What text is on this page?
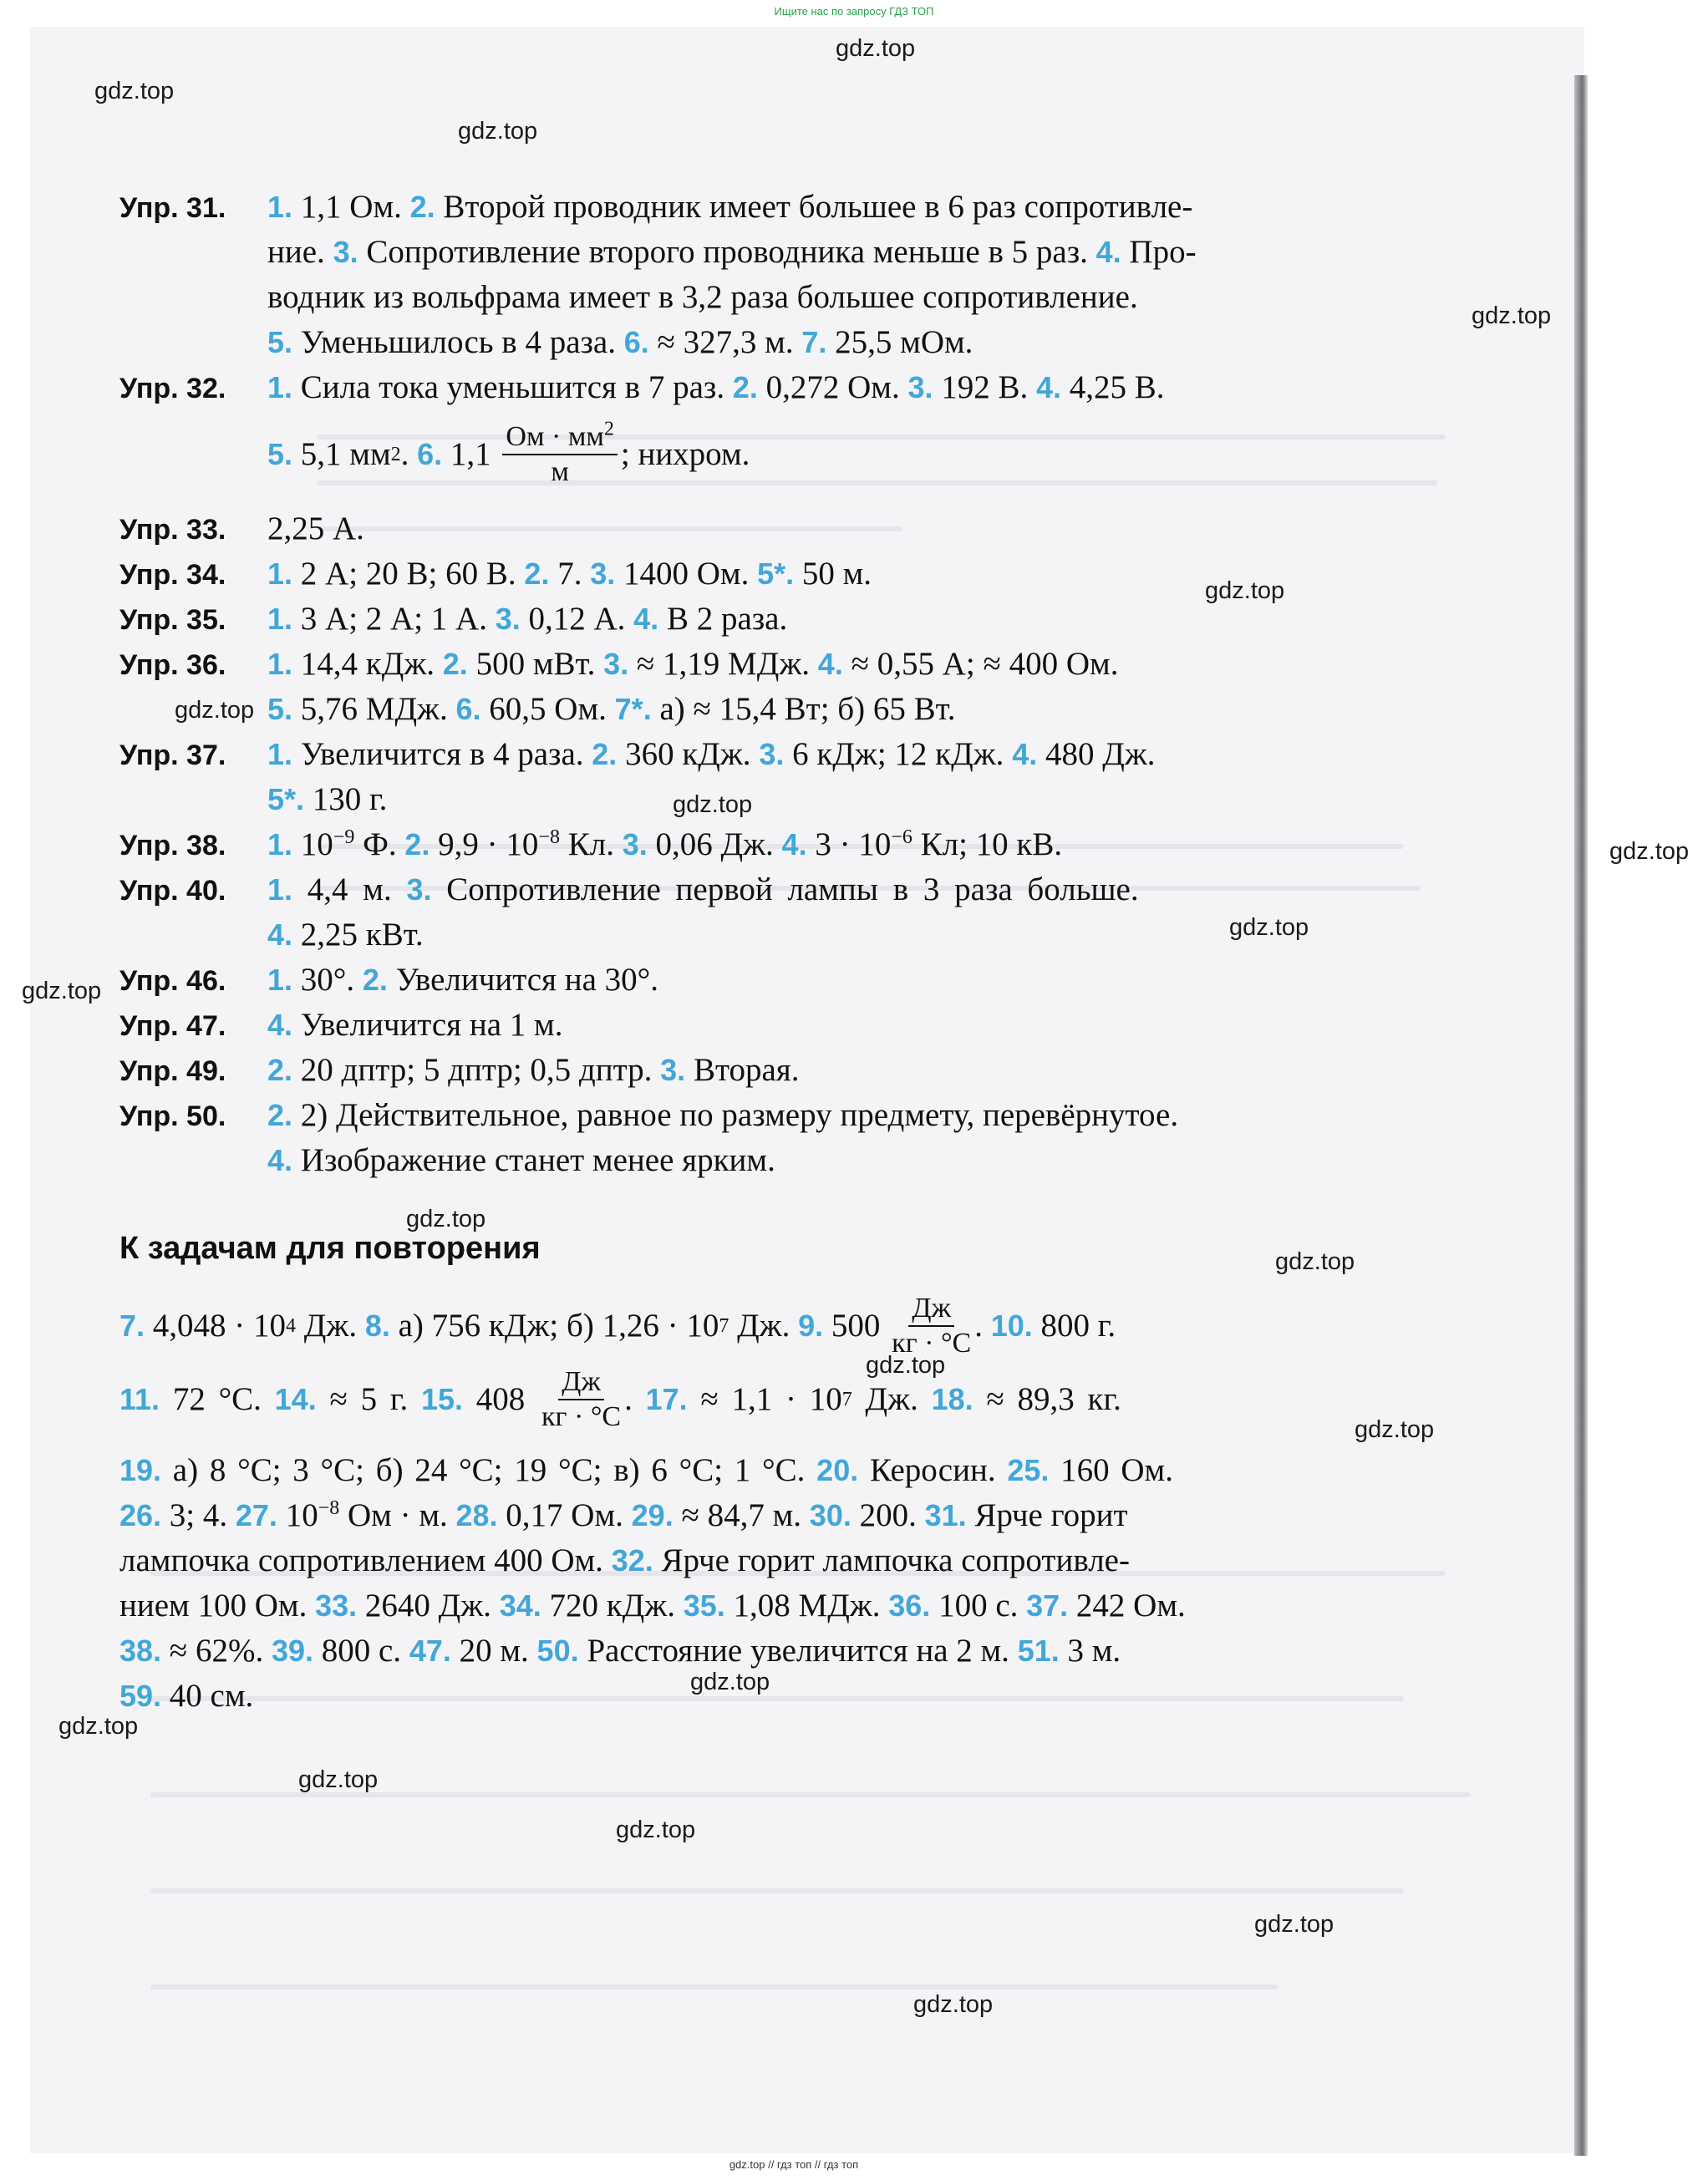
Ищите нас по запросу ГДЗ ТОП
Упр. 31.	1. 1,1 Ом. 2. Второй проводник имеет большее в 6 раз сопротивле-
ние. 3. Сопротивление второго проводника меньше в 5 раз. 4. Про-
водник из вольфрама имеет в 3,2 раза большее сопротивление.
5. Уменьшилось в 4 раза. 6. ≈ 327,3 м. 7. 25,5 мОм.
Упр. 32.	1. Сила тока уменьшится в 7 раз. 2. 0,272 Ом. 3. 192 В. 4. 4,25 В.
5. 5,1 мм 2 . 6. $1,1 \frac{Ом \cdot мм^2}{м}$ ; нихром.
Упр. 33.	2,25 А.
Упр. 34.	1. 2 А; 20 В; 60 В. 2. 7. 3. 1400 Ом. 5*. 50 м.
Упр. 35.	1. 3 А; 2 А; 1 А. 3. 0,12 А. 4. В 2 раза.
Упр. 36.	1. 14,4 кДж. 2. 500 мВт. 3. ≈ 1,19 МДж. 4. ≈ 0,55 А; ≈ 400 Ом.
5. 5,76 МДж. 6. 60,5 Ом. 7*. а) ≈ 15,4 Вт; б) 65 Вт.
Упр. 37.	1. Увеличится в 4 раза. 2. 360 кДж. 3. 6 кДж; 12 кДж. 4. 480 Дж.
5*. 130 г.
Упр. 38.	1. $10^{-9}$ Ф. 2. $9,9 \cdot 10^{-8}$ Кл. 3. 0,06 Дж. 4. $3 \cdot 10^{-6}$ Кл; 10 кВ.
Упр. 40.	1. 4,4 м. 3. Сопротивление первой лампы в 3 раза больше.
4. 2,25 кВт.
Упр. 46.	1. 30°. 2. Увеличится на 30°.
Упр. 47.	4. Увеличится на 1 м.
Упр. 49.	2. 20 дптр; 5 дптр; 0,5 дптр. 3. Вторая.
Упр. 50.	2. 2) Действительное, равное по размеру предмету, перевёрнутое.
4. Изображение станет менее ярким.
К задачам для повторения
7. 4,048 · 10 4 Дж. 8. а) 756 кДж; б) 1,26 · 10 7 Дж. 9. $500 \frac{Дж}{кг \cdot ^\circ С}$ . 10. 800 г.
11. 72 °С. 14. ≈ 5 г. 15. $408 \frac{Дж}{кг \cdot ^\circ С}$ . 17. ≈ 1,1 · 10 7 Дж. 18. ≈ 89,3 кг.
19. а) 8 °С; 3 °С; б) 24 °С; 19 °С; в) 6 °С; 1 °С. 20. Керосин. 25. 160 Ом.
26. 3; 4. 27. $10^{-8}$ Ом · м. 28. 0,17 Ом. 29. ≈ 84,7 м. 30. 200. 31. Ярче горит
лампочка сопротивлением 400 Ом. 32. Ярче горит лампочка сопротивле-
нием 100 Ом. 33. 2640 Дж. 34. 720 кДж. 35. 1,08 МДж. 36. 100 с. 37. 242 Ом.
38. ≈ 62%. 39. 800 с. 47. 20 м. 50. Расстояние увеличится на 2 м. 51. 3 м.
59. 40 см.
gdz.top
gdz.top
gdz.top
gdz.top
gdz.top
gdz.top
gdz.top
gdz.top
gdz.top
gdz.top
gdz.top
gdz.top
gdz.top
gdz.top
gdz.top
gdz.top
gdz.top
gdz.top
gdz.top
gdz.top
gdz.top // гдз топ // гдз топ
